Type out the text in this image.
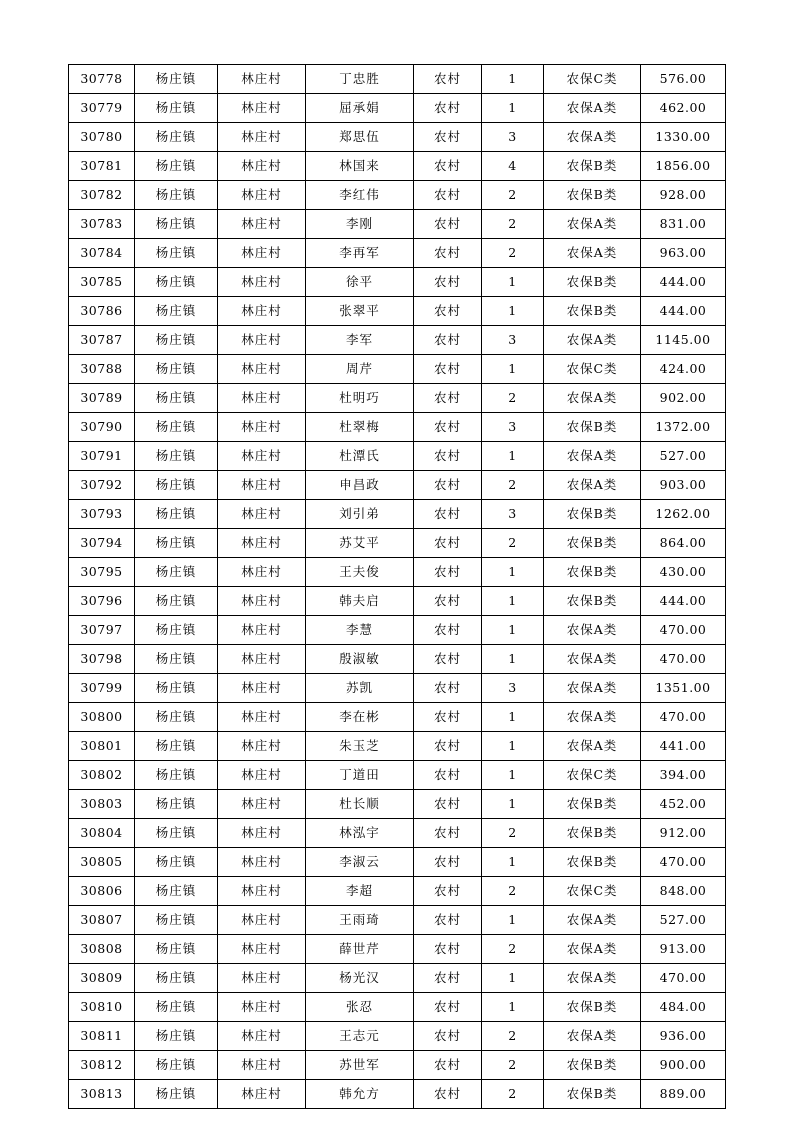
30778	杨庄镇	林庄村	丁忠胜	农村	1	农保C类	576.00
30779	杨庄镇	林庄村	屈承娟	农村	1	农保A类	462.00
30780	杨庄镇	林庄村	郑思伍	农村	3	农保A类	1330.00
30781	杨庄镇	林庄村	林国来	农村	4	农保B类	1856.00
30782	杨庄镇	林庄村	李红伟	农村	2	农保B类	928.00
30783	杨庄镇	林庄村	李刚	农村	2	农保A类	831.00
30784	杨庄镇	林庄村	李再军	农村	2	农保A类	963.00
30785	杨庄镇	林庄村	徐平	农村	1	农保B类	444.00
30786	杨庄镇	林庄村	张翠平	农村	1	农保B类	444.00
30787	杨庄镇	林庄村	李军	农村	3	农保A类	1145.00
30788	杨庄镇	林庄村	周芹	农村	1	农保C类	424.00
30789	杨庄镇	林庄村	杜明巧	农村	2	农保A类	902.00
30790	杨庄镇	林庄村	杜翠梅	农村	3	农保B类	1372.00
30791	杨庄镇	林庄村	杜潭氏	农村	1	农保A类	527.00
30792	杨庄镇	林庄村	申昌政	农村	2	农保A类	903.00
30793	杨庄镇	林庄村	刘引弟	农村	3	农保B类	1262.00
30794	杨庄镇	林庄村	苏艾平	农村	2	农保B类	864.00
30795	杨庄镇	林庄村	王夫俊	农村	1	农保B类	430.00
30796	杨庄镇	林庄村	韩夫启	农村	1	农保B类	444.00
30797	杨庄镇	林庄村	李慧	农村	1	农保A类	470.00
30798	杨庄镇	林庄村	殷淑敏	农村	1	农保A类	470.00
30799	杨庄镇	林庄村	苏凯	农村	3	农保A类	1351.00
30800	杨庄镇	林庄村	李在彬	农村	1	农保A类	470.00
30801	杨庄镇	林庄村	朱玉芝	农村	1	农保A类	441.00
30802	杨庄镇	林庄村	丁道田	农村	1	农保C类	394.00
30803	杨庄镇	林庄村	杜长顺	农村	1	农保B类	452.00
30804	杨庄镇	林庄村	林泓宇	农村	2	农保B类	912.00
30805	杨庄镇	林庄村	李淑云	农村	1	农保B类	470.00
30806	杨庄镇	林庄村	李超	农村	2	农保C类	848.00
30807	杨庄镇	林庄村	王雨琦	农村	1	农保A类	527.00
30808	杨庄镇	林庄村	薛世芹	农村	2	农保A类	913.00
30809	杨庄镇	林庄村	杨光汉	农村	1	农保A类	470.00
30810	杨庄镇	林庄村	张忍	农村	1	农保B类	484.00
30811	杨庄镇	林庄村	王志元	农村	2	农保A类	936.00
30812	杨庄镇	林庄村	苏世军	农村	2	农保B类	900.00
30813	杨庄镇	林庄村	韩允方	农村	2	农保B类	889.00
